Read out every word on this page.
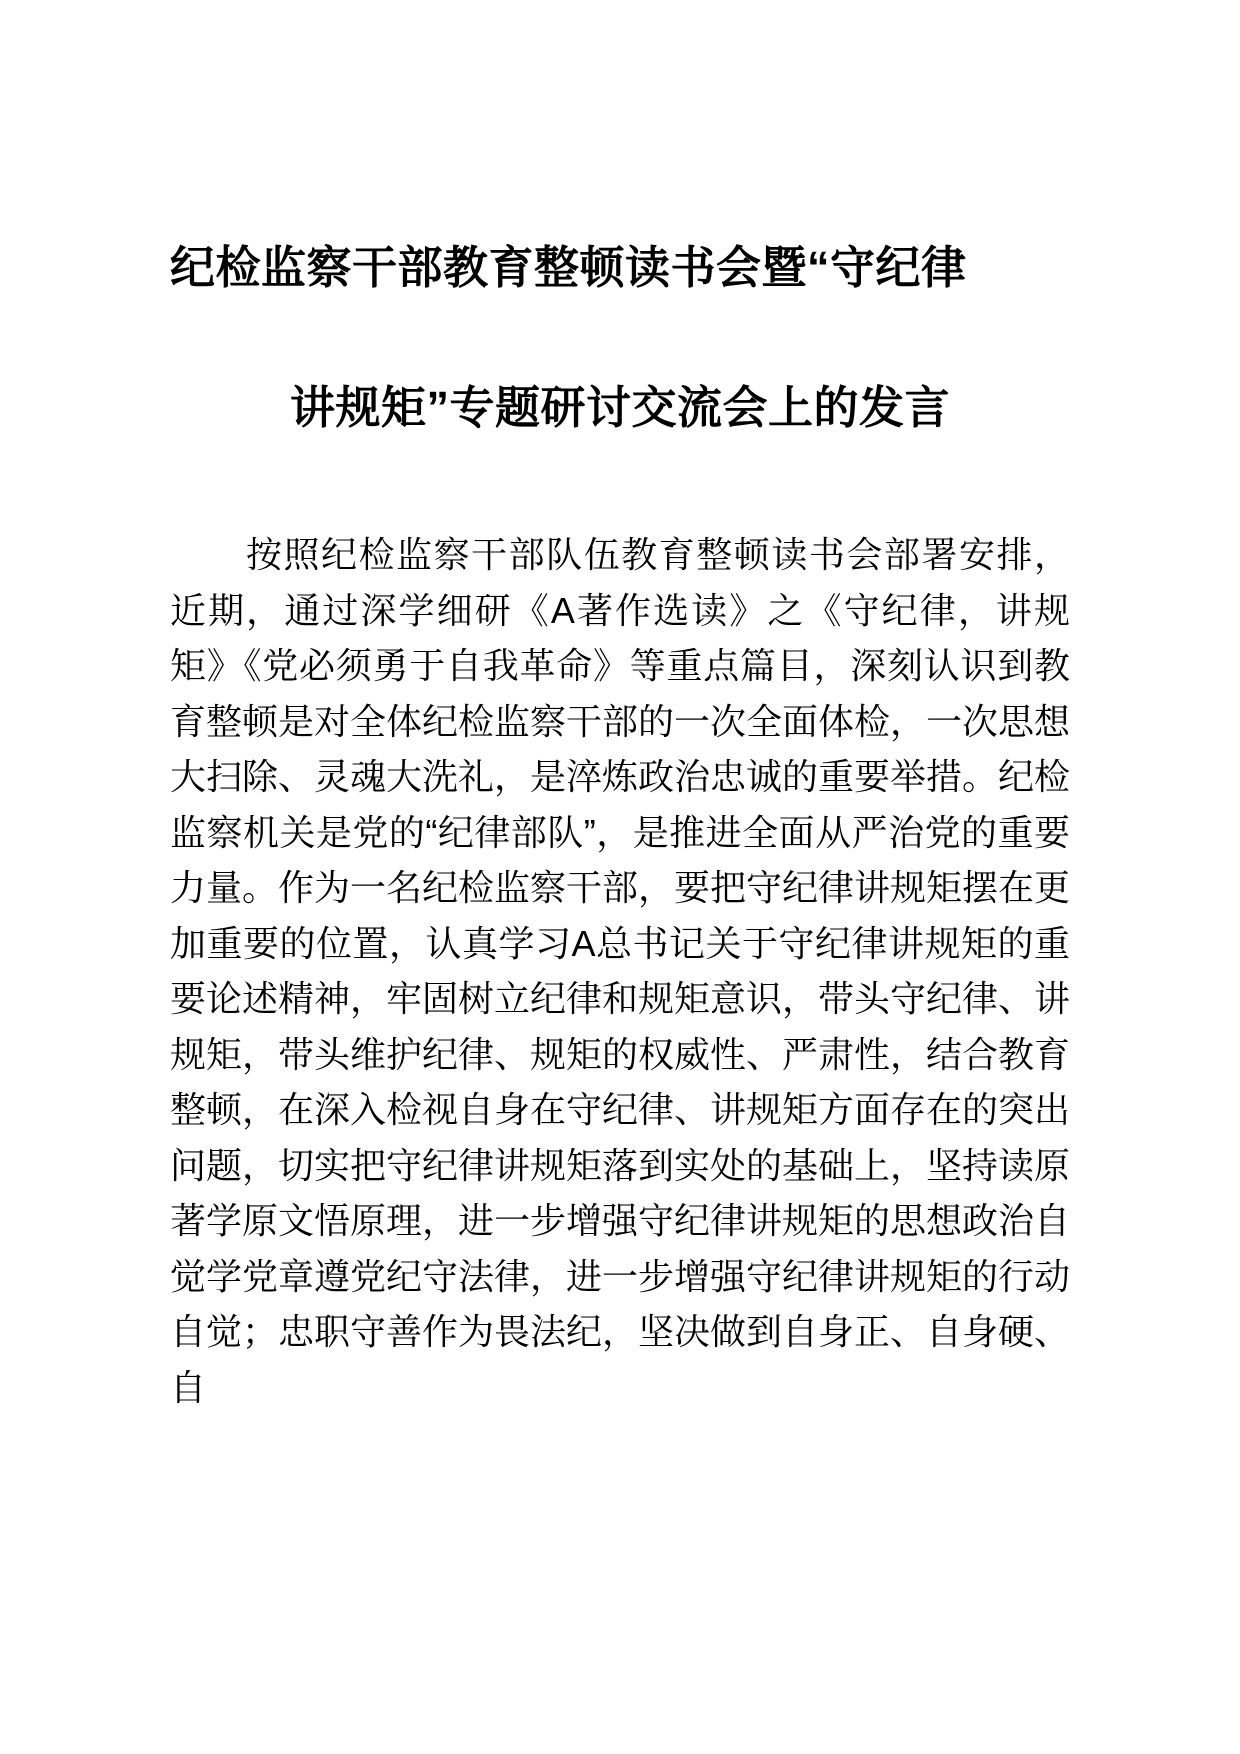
纪检监察干部教育整顿读书会暨“守纪律
讲规矩”专题研讨交流会上的发言

按照纪检监察干部队伍教育整顿读书会部署安排，近期，通过深学细研《A著作选读》之《守纪律，讲规矩》《党必须勇于自我革命》等重点篇目，深刻认识到教育整顿是对全体纪检监察干部的一次全面体检，一次思想大扫除、灵魂大洗礼，是淬炼政治忠诚的重要举措。纪检监察机关是党的“纪律部队”，是推进全面从严治党的重要力量。作为一名纪检监察干部，要把守纪律讲规矩摆在更加重要的位置，认真学习A总书记关于守纪律讲规矩的重要论述精神，牢固树立纪律和规矩意识，带头守纪律、讲规矩，带头维护纪律、规矩的权威性、严肃性，结合教育整顿，在深入检视自身在守纪律、讲规矩方面存在的突出问题，切实把守纪律讲规矩落到实处的基础上，坚持读原著学原文悟原理，进一步增强守纪律讲规矩的思想政治自觉学党章遵党纪守法律，进一步增强守纪律讲规矩的行动自觉；忠职守善作为畏法纪，坚决做到自身正、自身硬、自
